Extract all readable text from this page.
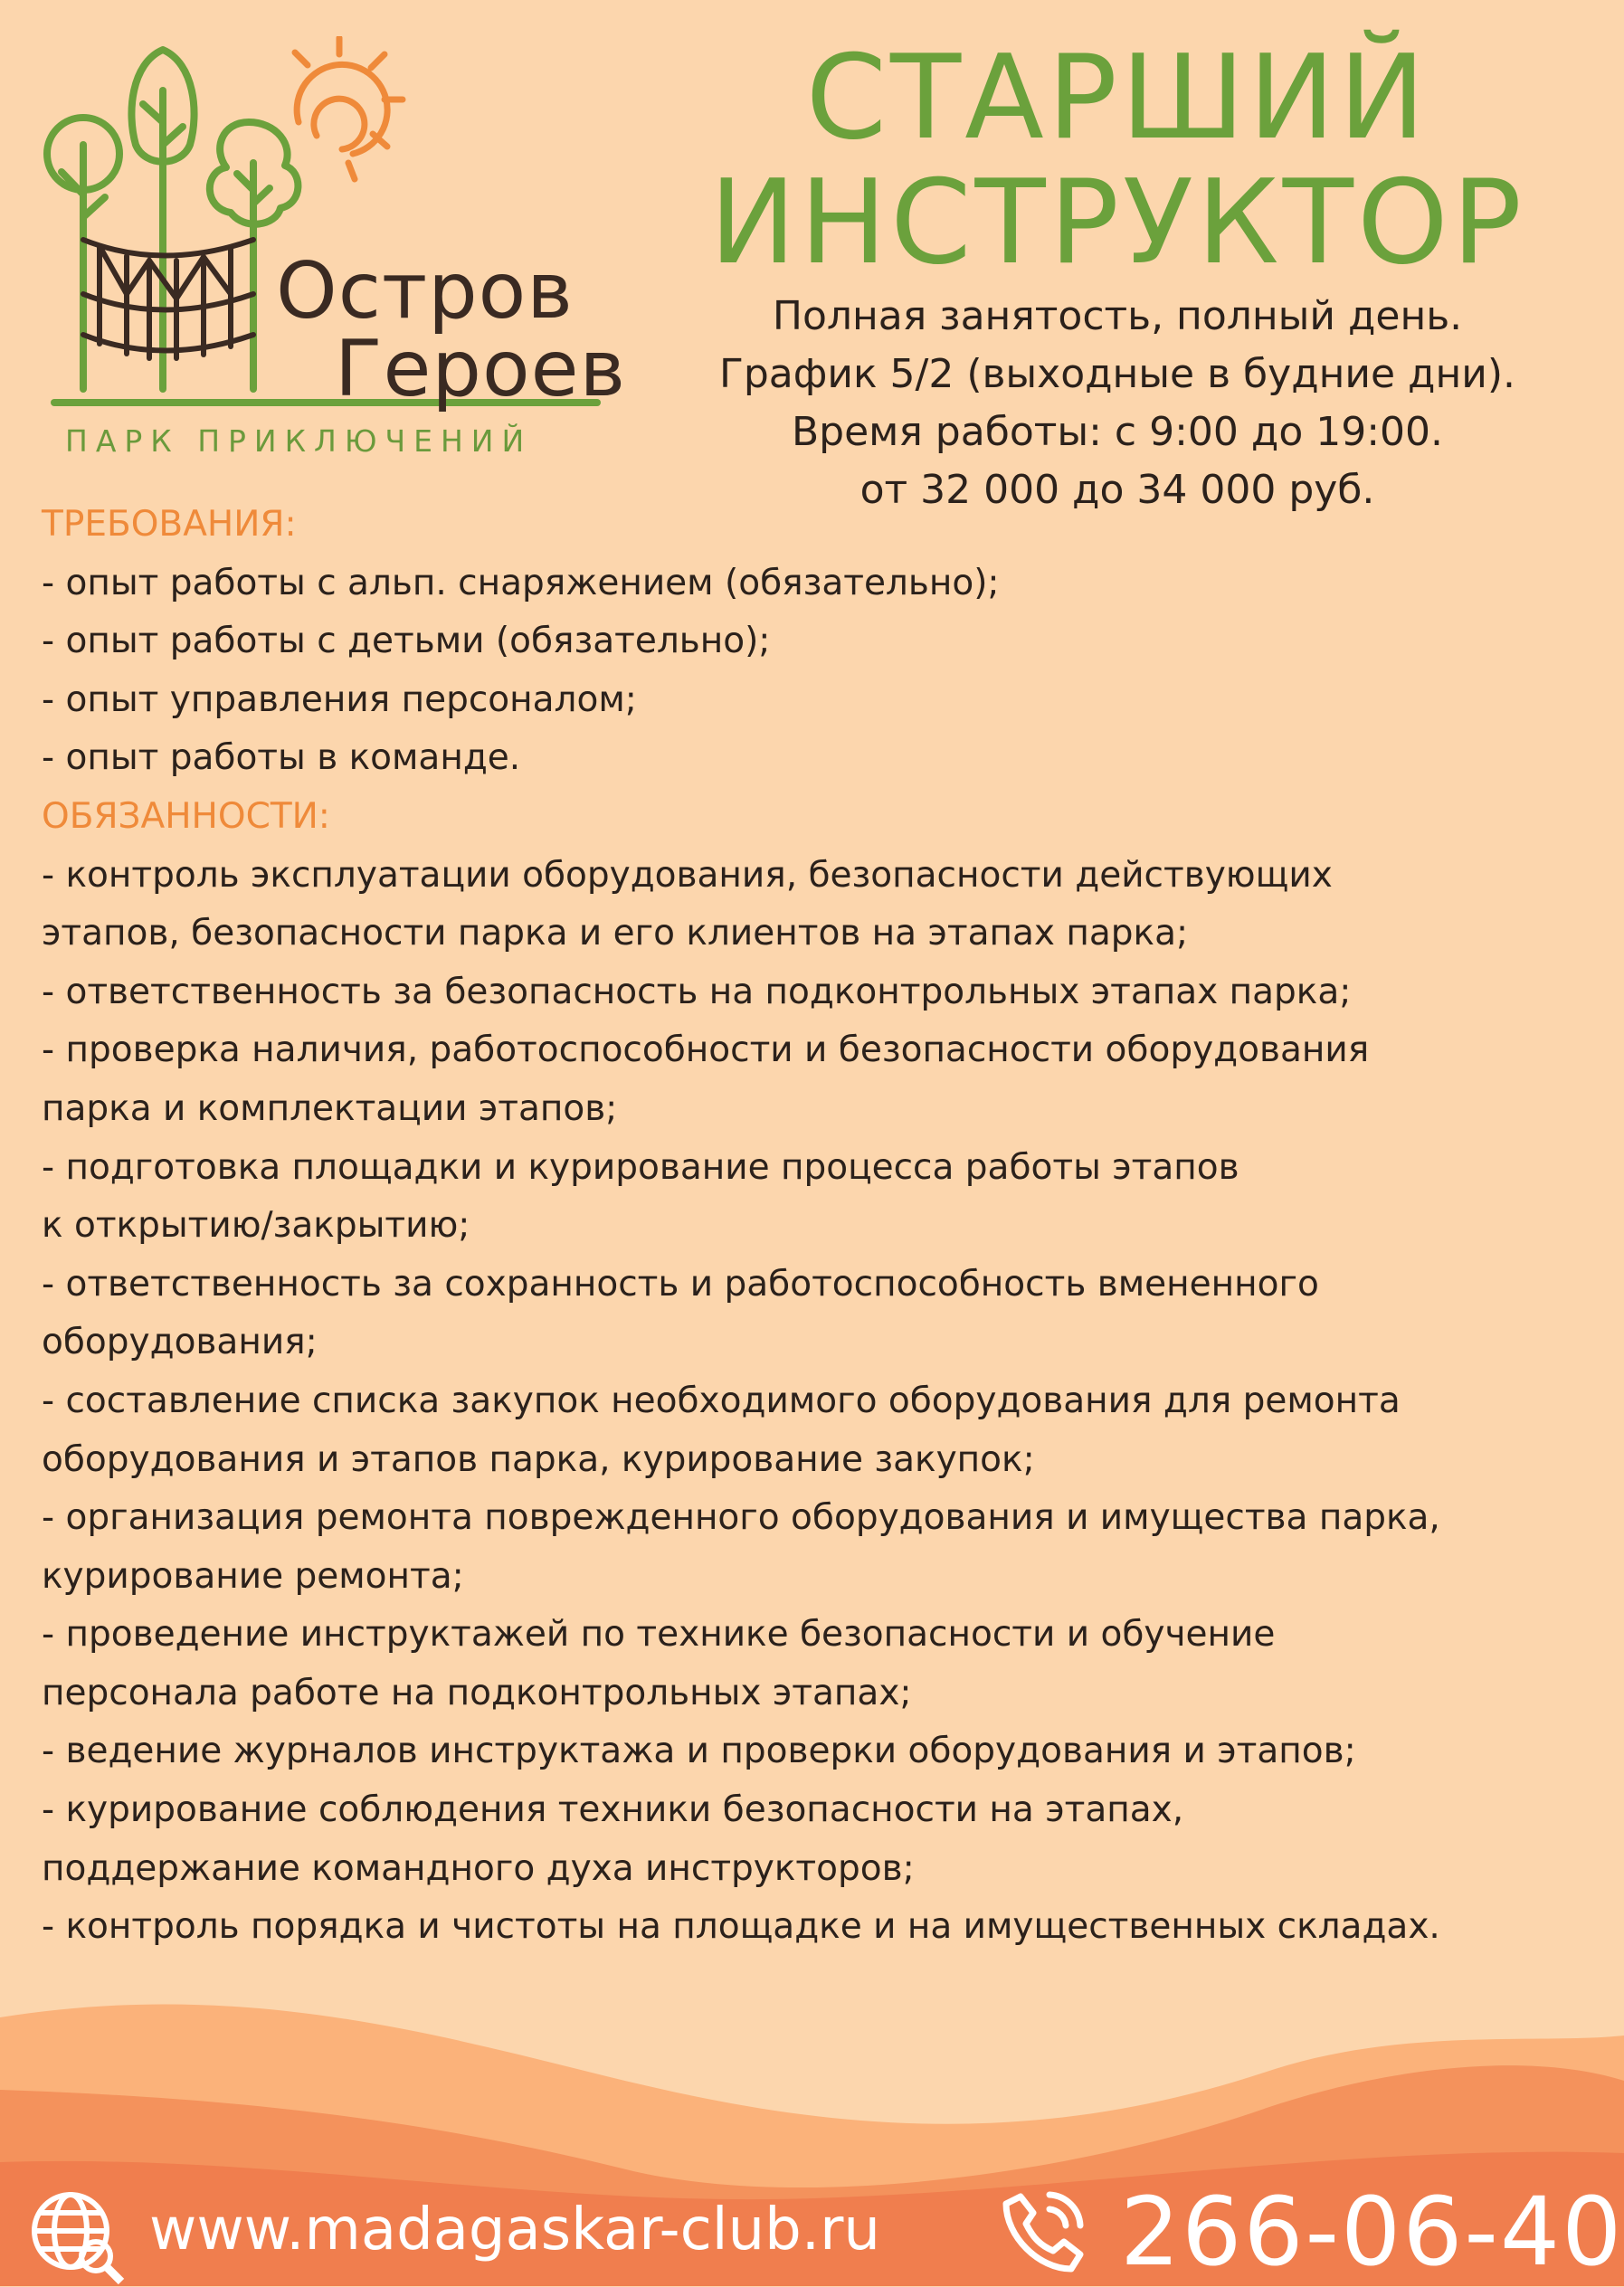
Остров
Героев
ПАРК ПРИКЛЮЧЕНИЙ
СТАРШИЙ
ИНСТРУКТОР
Полная занятость, полный день.
График 5/2 (выходные в будние дни).
Время работы: с 9:00 до 19:00.
от 32 000 до 34 000 руб.
ТРЕБОВАНИЯ:
- опыт работы с альп. снаряжением (обязательно);
- опыт работы с детьми (обязательно);
- опыт управления персоналом;
- опыт работы в команде.
ОБЯЗАННОСТИ:
- контроль эксплуатации оборудования, безопасности действующих
этапов, безопасности парка и его клиентов на этапах парка;
- ответственность за безопасность на подконтрольных этапах парка;
- проверка наличия, работоспособности и безопасности оборудования
парка и комплектации этапов;
- подготовка площадки и курирование процесса работы этапов
к открытию/закрытию;
- ответственность за сохранность и работоспособность вмененного
оборудования;
- составление списка закупок необходимого оборудования для ремонта
оборудования и этапов парка, курирование закупок;
- организация ремонта поврежденного оборудования и имущества парка,
курирование ремонта;
- проведение инструктажей по технике безопасности и обучение
персонала работе на подконтрольных этапах;
- ведение журналов инструктажа и проверки оборудования и этапов;
- курирование соблюдения техники безопасности на этапах,
поддержание командного духа инструкторов;
- контроль порядка и чистоты на площадке и на имущественных складах.
www.madagaskar-club.ru	266-06-40
